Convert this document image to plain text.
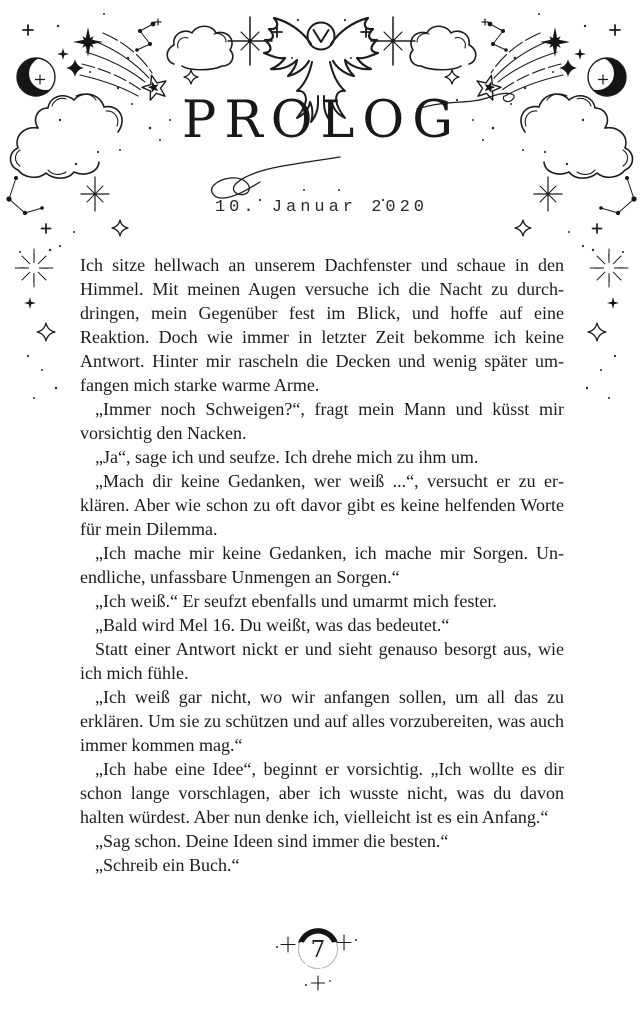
7
PROLOG
10. Januar 2020

Ich sitze hellwach an unserem Dachfenster und schaue in den Himmel. Mit meinen Augen versuche ich die Nacht zu durchdringen, mein Gegenüber fest im Blick, und hoffe auf eine Reaktion. Doch wie immer in letzter Zeit bekomme ich keine Antwort. Hinter mir rascheln die Decken und wenig später umfangen mich starke warme Arme.

„Immer noch Schweigen?“, fragt mein Mann und küsst mir vorsichtig den Nacken.

„Ja“, sage ich und seufze. Ich drehe mich zu ihm um.

„Mach dir keine Gedanken, wer weiß ...“, versucht er zu erklären. Aber wie schon zu oft davor gibt es keine helfenden Worte für mein Dilemma.

„Ich mache mir keine Gedanken, ich mache mir Sorgen. Unendliche, unfassbare Unmengen an Sorgen.“

„Ich weiß.“ Er seufzt ebenfalls und umarmt mich fester.

„Bald wird Mel 16. Du weißt, was das bedeutet.“

Statt einer Antwort nickt er und sieht genauso besorgt aus, wie ich mich fühle.

„Ich weiß gar nicht, wo wir anfangen sollen, um all das zu erklären. Um sie zu schützen und auf alles vorzubereiten, was auch immer kommen mag.“

„Ich habe eine Idee“, beginnt er vorsichtig. „Ich wollte es dir schon lange vorschlagen, aber ich wusste nicht, was du davon halten würdest. Aber nun denke ich, vielleicht ist es ein Anfang.“

„Sag schon. Deine Ideen sind immer die besten.“

„Schreib ein Buch.“
